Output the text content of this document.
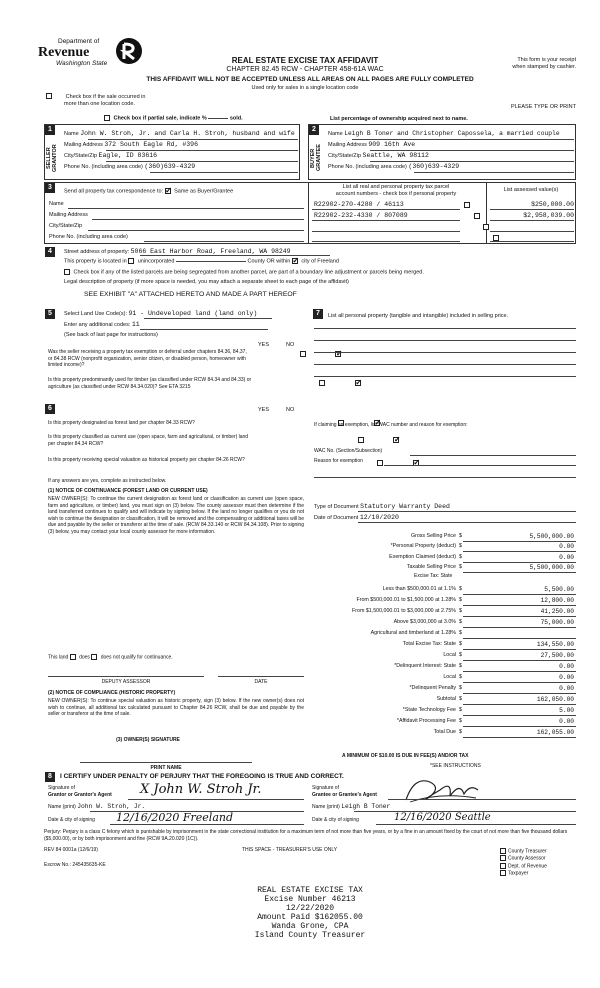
Department of
Revenue
Washington State	REAL ESTATE EXCISE TAX AFFIDAVIT
CHAPTER 82.45 RCW - CHAPTER 458-61A WAC
THIS AFFIDAVIT WILL NOT BE ACCEPTED UNLESS ALL AREAS ON ALL PAGES ARE FULLY COMPLETED
Used only for sales in a single location code
This form is your receipt
when stamped by cashier.
Check box if the sale occurred in
more than one location code.	PLEASE TYPE OR PRINT
Check box if partial sale, indicate %	sold.	List percentage of ownership acquired next to name.
1
SELLER GRANTOR
Name John W. Stroh, Jr. and Carla H. Stroh, husband and wife
Mailing Address 372 South Eagle Rd, #396
City/State/Zip Eagle, ID 83616
Phone No. (including area code) (360)639-4329
2
BUYER GRANTEE
Name Leigh B Toner and Christopher Capossela, a married couple
Mailing Address 909 16th Ave
City/State/Zip Seattle, WA 98112
Phone No. (including area code) (360)639-4329
3
Send all property tax correspondence to: ✓ Same as Buyer/Grantee
Name
Mailing Address
City/State/Zip
Phone No. (including area code)
List all real and personal property tax parcel
account numbers - check box if personal property
List assessed value(s)
R22902-270-4280 / 46113
	$250,000.00
R22902-232-4330 / 807089
	$2,958,039.00

4	Street address of property: 5066 East Harbor Road, Freeland, WA 98249
This property is located in unincorporated	County OR within ✓ city of Freeland
Check box if any of the listed parcels are being segregated from another parcel, are part of a boundary line adjustment or parcels being merged.
Legal description of property (if more space is needed, you may attach a separate sheet to each page of the affidavit)
SEE EXHIBIT "A" ATTACHED HERETO AND MADE A PART HEREOF
5	Select Land Use Code(s): 91 - Undeveloped land (land only)
Enter any additional codes: 11
(See back of last page for instructions)
YES	NO
Was the seller receiving a property tax exemption or deferral under chapters 84.36, 84.37, or 84.38 RCW (nonprofit organization, senior citizen, or disabled person, homeowner with limited income)?
✓
Is this property predominantly used for timber (as classified under RCW 84.34 and 84.33) or agriculture (as classified under RCW 84.34.020)? See ETA 3215
✓
6	YES	NO
Is this property designated as forest land per chapter 84.33 RCW?
✓
Is this property classified as current use (open space, farm and agricultural, or timber) land per chapter 84.34 RCW?
✓
Is this property receiving special valuation as historical property per chapter 84.26 RCW?
✓
If any answers are yes, complete as instructed below.
(1) NOTICE OF CONTINUANCE (FOREST LAND OR CURRENT USE)
NEW OWNER(S): To continue the current designation as forest land or classification as current use (open space, farm and agriculture, or timber) land, you must sign on (3) below. The county assessor must then determine if the land transferred continues to qualify and will indicate by signing below. If the land no longer qualifies or you do not wish to continue the designation or classification, it will be removed and the compensating or additional taxes will be due and payable by the seller or transferor at the time of sale. (RCW 84.33.140 or RCW 84.34.108). Prior to signing (3) below, you may contact your local county assessor for more information.
This land does does not qualify for continuance.
DEPUTY ASSESSOR	DATE
(2) NOTICE OF COMPLIANCE (HISTORIC PROPERTY)
NEW OWNER(S): To continue special valuation as historic property, sign (3) below. If the new owner(s) does not wish to continue, all additional tax calculated pursuant to Chapter 84.26 RCW, shall be due and payable by the seller or transferor at the time of sale.
(3) OWNER(S) SIGNATURE
PRINT NAME
7	List all personal property (tangible and intangible) included in selling price.
If claiming an exemption, list WAC number and reason for exemption:
WAC No. (Section/Subsection)
Reason for exemption
Type of Document Statutory Warranty Deed
Date of Document 12/10/2020
Gross Selling Price $	5,500,000.00
*Personal Property (deduct) $	0.00
Exemption Claimed (deduct) $	0.00
Taxable Selling Price $	5,500,000.00
Less than $500,000.01 at 1.1% $	5,500.00
From $500,000.01 to $1,500,000 at 1.28% $	12,800.00
From $1,500,000.01 to $3,000,000 at 2.75% $	41,250.00
Above $3,000,000 at 3.0% $	75,000.00
Agricultural and timberland at 1.28% $
Total Excise Tax: State $	134,550.00
Local $	27,500.00
*Delinquent Interest: State $	0.00
Local $	0.00
*Delinquent Penalty $	0.00
Subtotal $	162,050.00
*State Technology Fee $	5.00
*Affidavit Processing Fee $	0.00
Total Due $	162,055.00
Excise Tax: State
A MINIMUM OF $10.00 IS DUE IN FEE(S) AND/OR TAX
*SEE INSTRUCTIONS
8	I CERTIFY UNDER PENALTY OF PERJURY THAT THE FOREGOING IS TRUE AND CORRECT.
Signature of
Grantor or Grantor's Agent X John W. Stroh Jr.
Name (print) John W. Stroh, Jr.
Date & city of signing 12/16/2020 Freeland
Signature of
Grantee or Grantee's Agent
Name (print) Leigh B Toner
Date & city of signing	12/16/2020 Seattle
Perjury: Perjury is a class C felony which is punishable by imprisonment in the state correctional institution for a maximum term of not more than five years, or by a fine in an amount fixed by the court of not more than five thousand dollars ($5,000.00), or by both imprisonment and fine (RCW 9A.20.020 (1C)).
REV 84 0001a (12/6/19)	THIS SPACE - TREASURER'S USE ONLY
Escrow No.: 245435635-KE
County Treasurer
County Assessor
Dept. of Revenue
Taxpayer
REAL ESTATE EXCISE TAX
Excise Number 46213
12/22/2020
Amount Paid $162055.00
Wanda Grone, CPA
Island County Treasurer
